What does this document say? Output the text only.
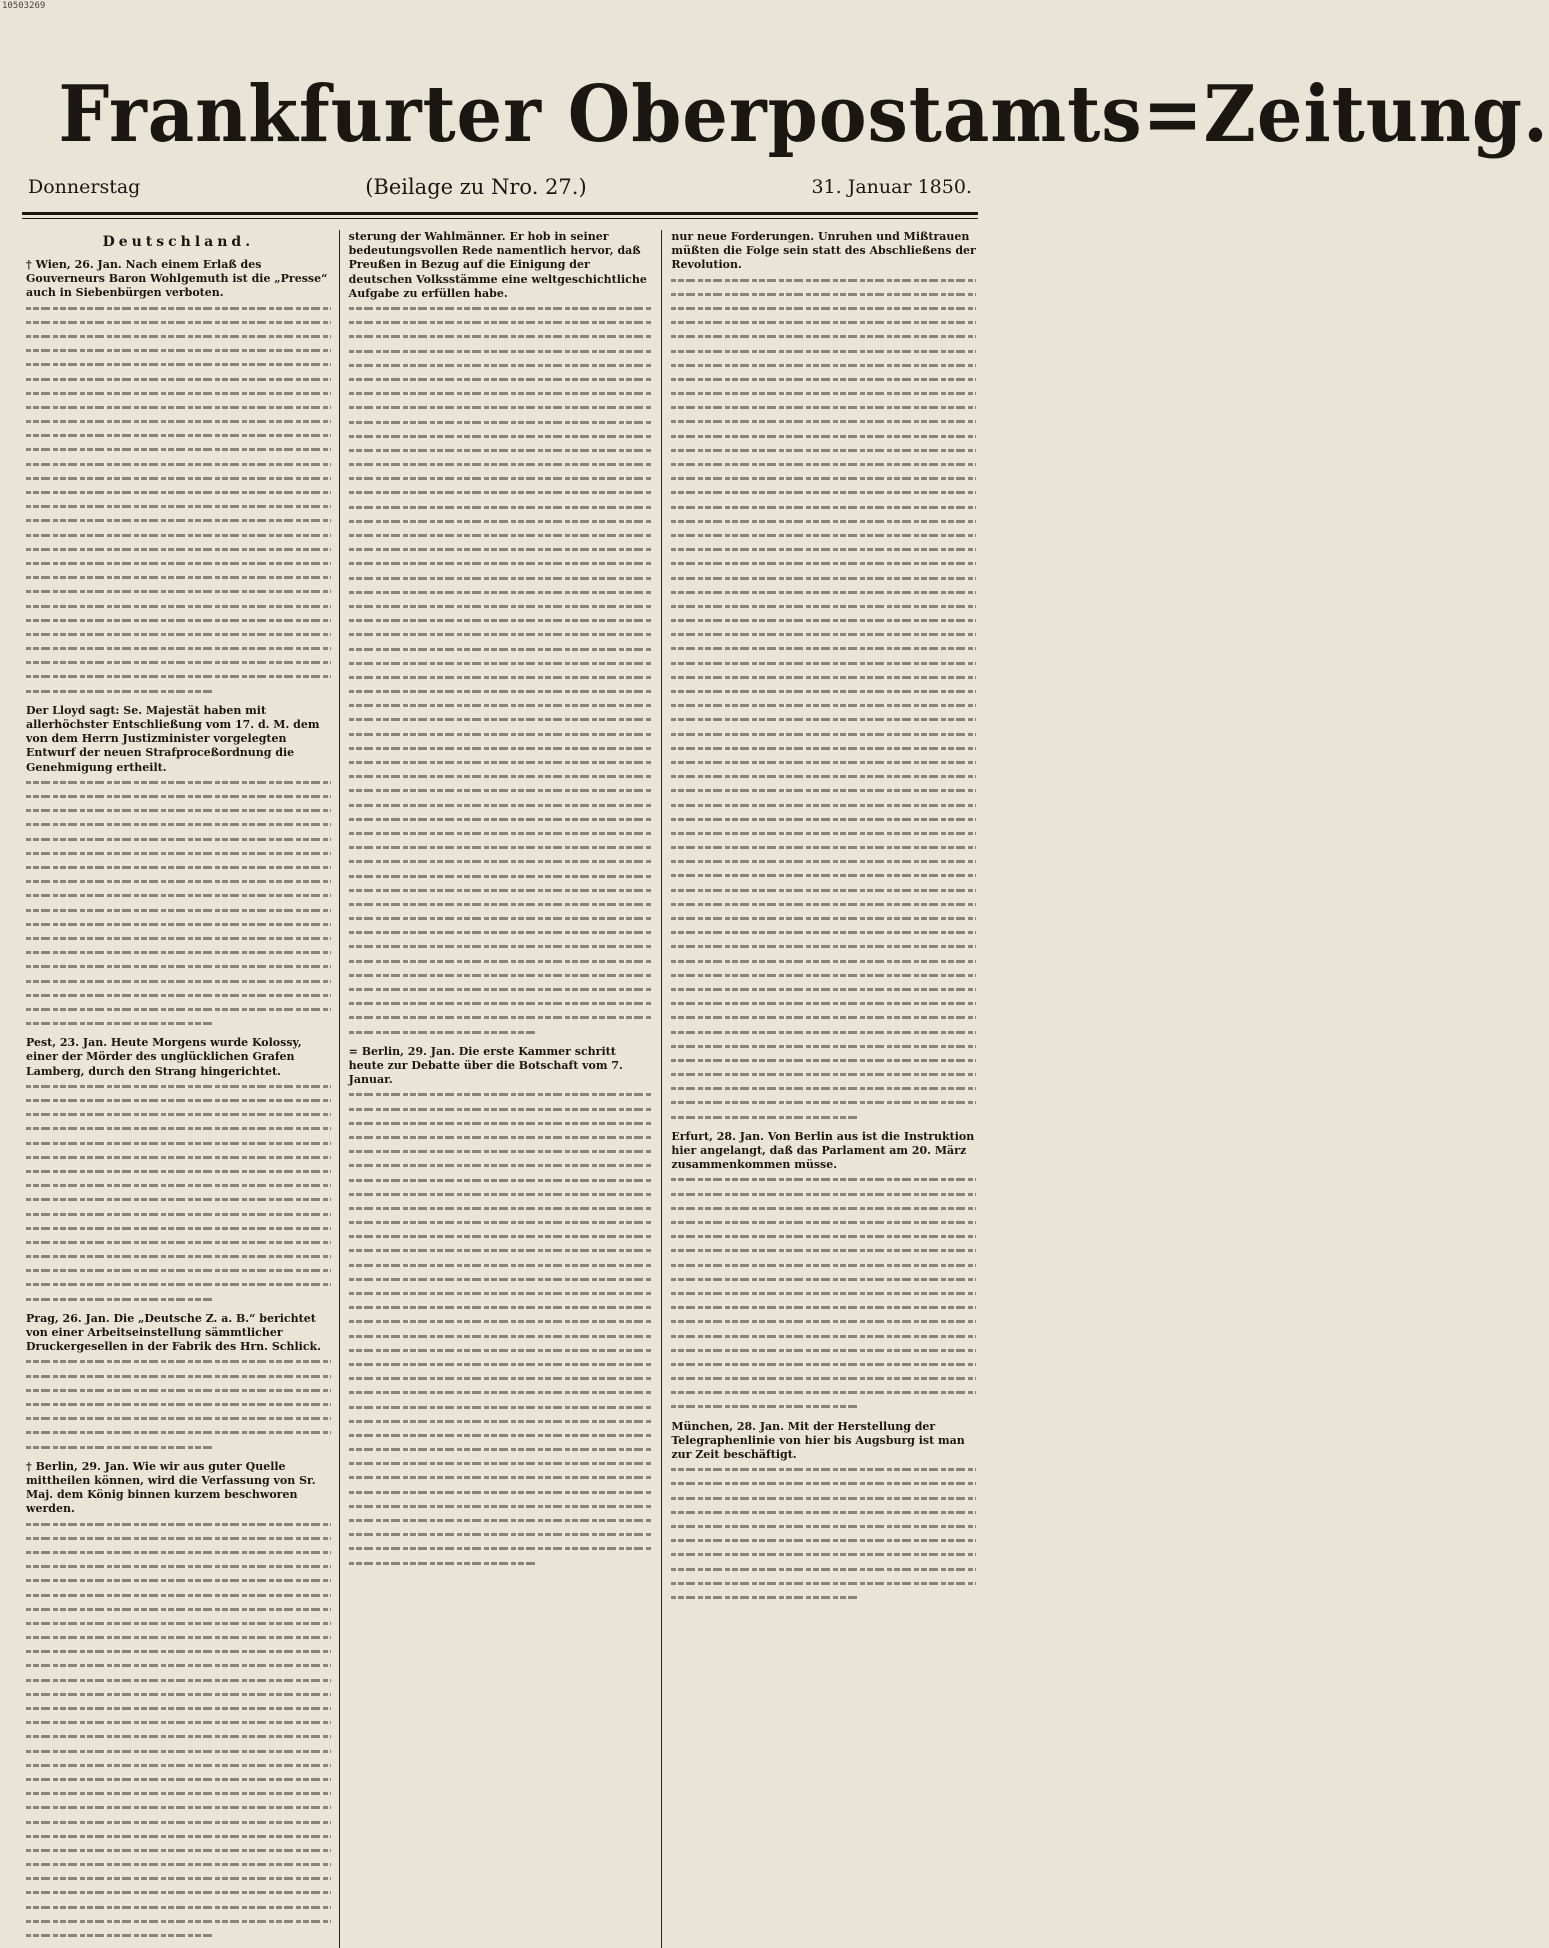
10503269
Frankfurter Oberpostamts=Zeitung.
Donnerstag	(Beilage zu Nro. 27.)	31. Januar 1850.
Deutschland.
† Wien, 26. Jan. Nach einem Erlaß des Gouverneurs Baron Wohlgemuth ist die „Presse“ auch in Siebenbürgen verboten.
Der Lloyd sagt: Se. Majestät haben mit allerhöchster Entschließung vom 17. d. M. dem von dem Herrn Justizminister vorgelegten Entwurf der neuen Strafproceßordnung die Genehmigung ertheilt.
Pest, 23. Jan. Heute Morgens wurde Kolossy, einer der Mörder des unglücklichen Grafen Lamberg, durch den Strang hingerichtet.
Prag, 26. Jan. Die „Deutsche Z. a. B.“ berichtet von einer Arbeitseinstellung sämmtlicher Druckergesellen in der Fabrik des Hrn. Schlick.
† Berlin, 29. Jan. Wie wir aus guter Quelle mittheilen können, wird die Verfassung von Sr. Maj. dem König binnen kurzem beschworen werden.
sterung der Wahlmänner. Er hob in seiner bedeutungsvollen Rede namentlich hervor, daß Preußen in Bezug auf die Einigung der deutschen Volksstämme eine weltgeschichtliche Aufgabe zu erfüllen habe.
= Berlin, 29. Jan. Die erste Kammer schritt heute zur Debatte über die Botschaft vom 7. Januar.
nur neue Forderungen. Unruhen und Mißtrauen müßten die Folge sein statt des Abschließens der Revolution.
Erfurt, 28. Jan. Von Berlin aus ist die Instruktion hier angelangt, daß das Parlament am 20. März zusammenkommen müsse.
München, 28. Jan. Mit der Herstellung der Telegraphenlinie von hier bis Augsburg ist man zur Zeit beschäftigt.
